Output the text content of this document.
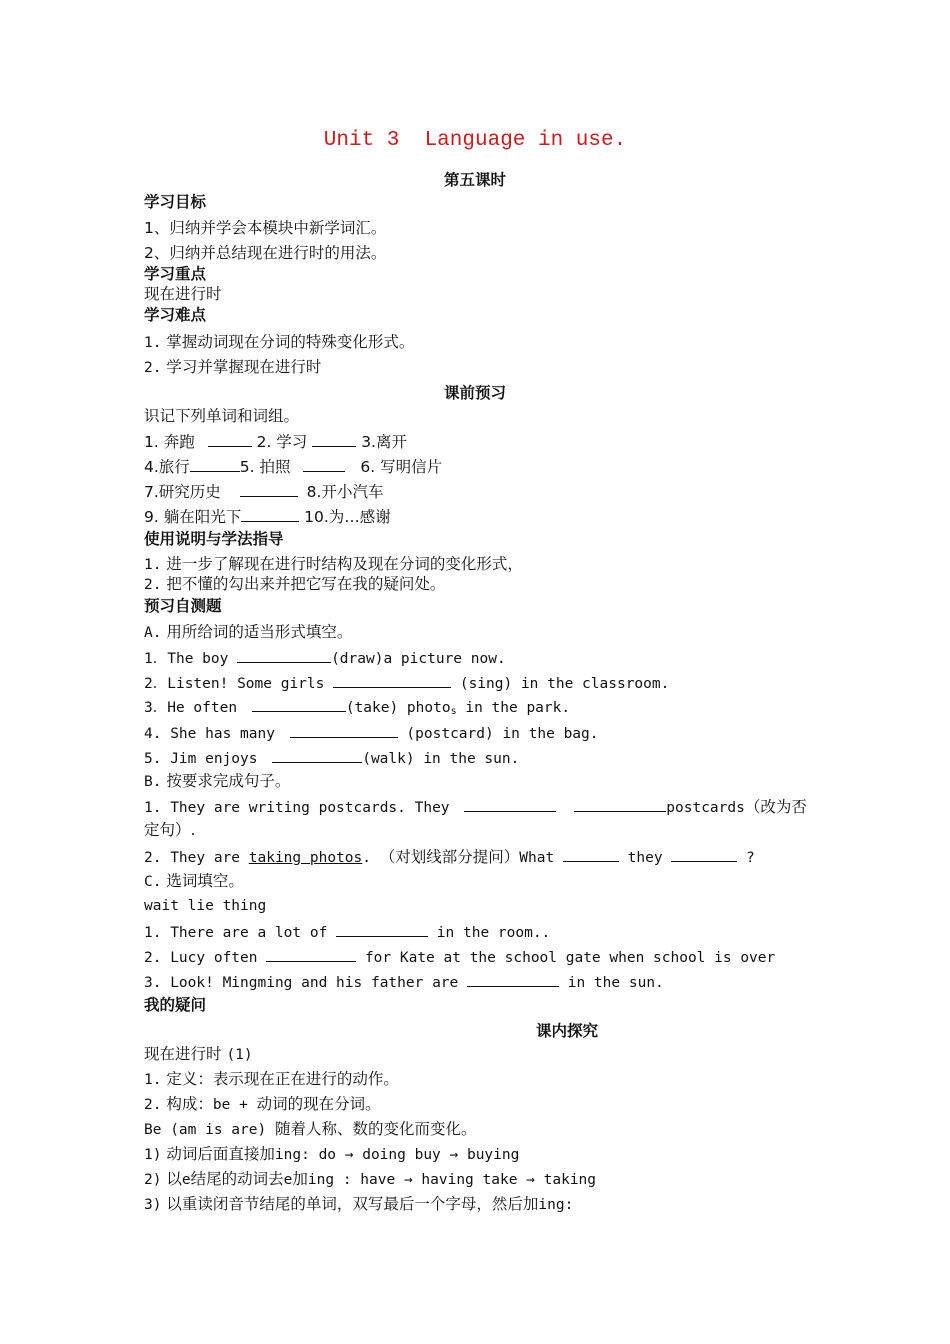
Unit 3  Language in use.
第五课时
学习目标
1、归纳并学会本模块中新学词汇。
2、归纳并总结现在进行时的用法。
学习重点
现在进行时
学习难点
1. 掌握动词现在分词的特殊变化形式。
2. 学习并掌握现在进行时
课前预习
识记下列单词和词组。
1. 奔跑	2. 学习	3.离开
4.旅行	5. 拍照	6. 写明信片
7.研究历史	8.开小汽车
9. 躺在阳光下	10.为…感谢
使用说明与学法指导
1. 进一步了解现在进行时结构及现在分词的变化形式，
2. 把不懂的勾出来并把它写在我的疑问处。
预习自测题
A. 用所给词的适当形式填空。
1．The boy	(draw)a picture now.
2．Listen! Some girls	(sing) in the classroom.
3．He often	(take) photos in the park.
4. She has many	(postcard) in the bag.
5. Jim enjoys	(walk) in the sun.
B. 按要求完成句子。
1. They are writing postcards. They	postcards（改为否
定句）.
2. They are taking photos. （对划线部分提问）What	they	?
C. 选词填空。
wait lie thing
1. There are a lot of	in the room..
2. Lucy often	for Kate at the school gate when school is over
3. Look! Mingming and his father are	in the sun.
我的疑问
课内探究
现在进行时 (1)
1. 定义：表示现在正在进行的动作。
2. 构成：be + 动词的现在分词。
Be (am is are) 随着人称、数的变化而变化。
1) 动词后面直接加ing: do → doing buy → buying
2) 以e结尾的动词去e加ing : have → having take → taking
3) 以重读闭音节结尾的单词，双写最后一个字母，然后加ing:
